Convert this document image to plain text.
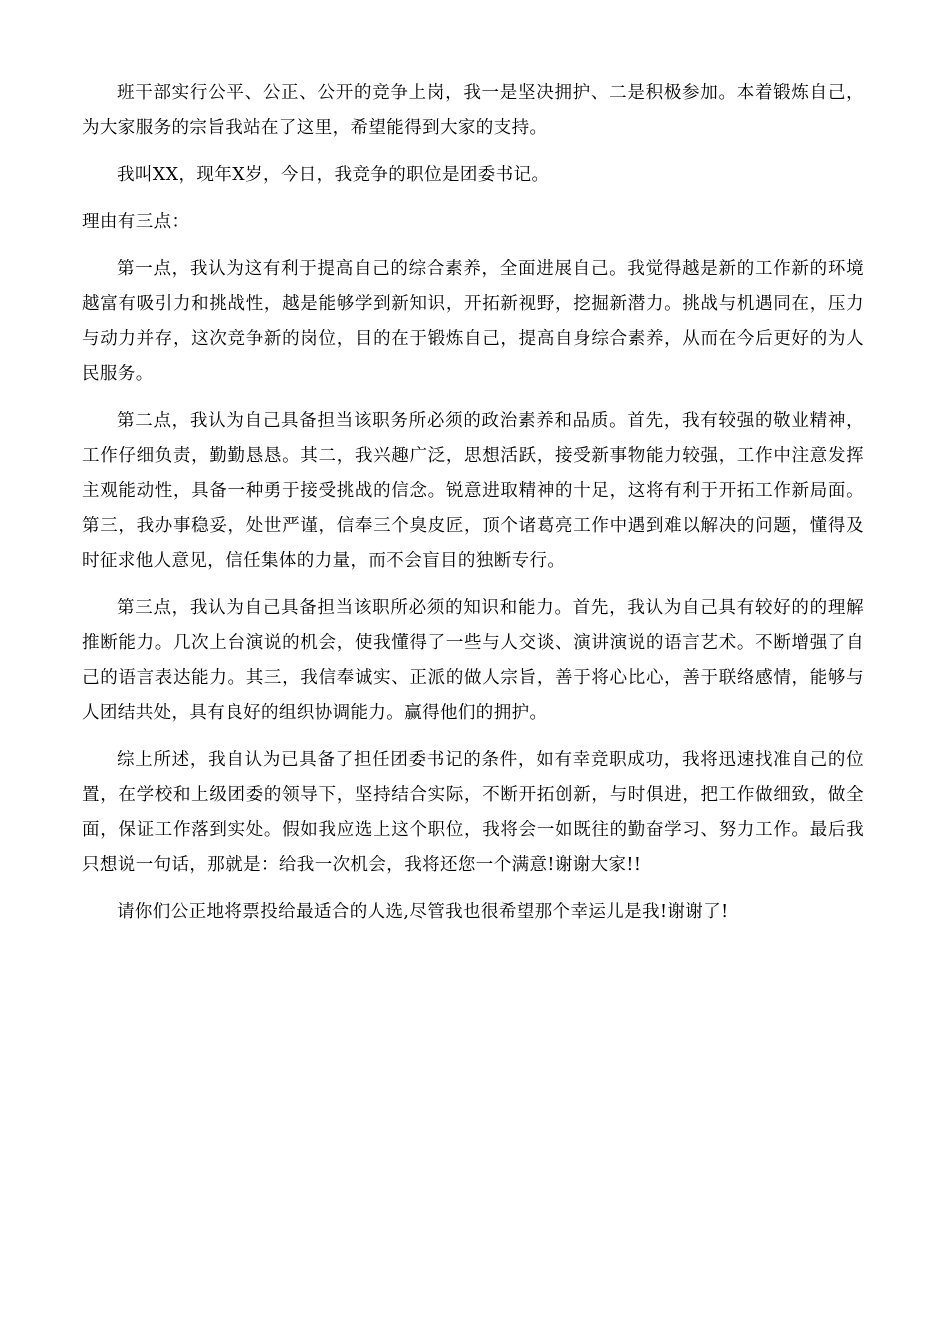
班干部实行公平、公正、公开的竞争上岗，我一是坚决拥护、二是积极参加。本着锻炼自己，为大家服务的宗旨我站在了这里，希望能得到大家的支持。

我叫XX，现年X岁，今日，我竞争的职位是团委书记。

理由有三点：

第一点，我认为这有利于提高自己的综合素养，全面进展自己。我觉得越是新的工作新的环境越富有吸引力和挑战性，越是能够学到新知识，开拓新视野，挖掘新潜力。挑战与机遇同在，压力与动力并存，这次竞争新的岗位，目的在于锻炼自己，提高自身综合素养，从而在今后更好的为人民服务。

第二点，我认为自己具备担当该职务所必须的政治素养和品质。首先，我有较强的敬业精神，工作仔细负责，勤勤恳恳。其二，我兴趣广泛，思想活跃，接受新事物能力较强，工作中注意发挥主观能动性，具备一种勇于接受挑战的信念。锐意进取精神的十足，这将有利于开拓工作新局面。第三，我办事稳妥，处世严谨，信奉三个臭皮匠，顶个诸葛亮工作中遇到难以解决的问题，懂得及时征求他人意见，信任集体的力量，而不会盲目的独断专行。

第三点，我认为自己具备担当该职所必须的知识和能力。首先，我认为自己具有较好的的理解推断能力。几次上台演说的机会，使我懂得了一些与人交谈、演讲演说的语言艺术。不断增强了自己的语言表达能力。其三，我信奉诚实、正派的做人宗旨，善于将心比心，善于联络感情，能够与人团结共处，具有良好的组织协调能力。赢得他们的拥护。

综上所述，我自认为已具备了担任团委书记的条件，如有幸竞职成功，我将迅速找准自己的位置，在学校和上级团委的领导下，坚持结合实际，不断开拓创新，与时俱进，把工作做细致，做全面，保证工作落到实处。假如我应选上这个职位，我将会一如既往的勤奋学习、努力工作。最后我只想说一句话，那就是：给我一次机会，我将还您一个满意!谢谢大家!!

请你们公正地将票投给最适合的人选,尽管我也很希望那个幸运儿是我!谢谢了!
